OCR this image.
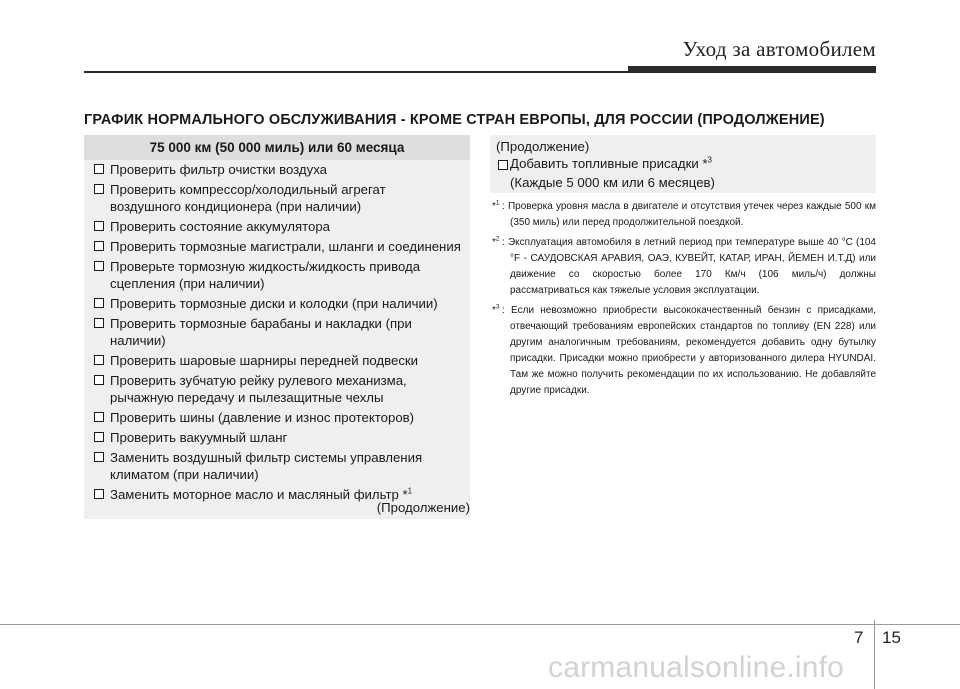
Уход за автомобилем
ГРАФИК НОРМАЛЬНОГО ОБСЛУЖИВАНИЯ - КРОМЕ СТРАН ЕВРОПЫ, ДЛЯ РОССИИ (ПРОДОЛЖЕНИЕ)
75 000 км (50 000 миль) или 60 месяца
Проверить фильтр очистки воздуха
Проверить компрессор/холодильный агрегат
воздушного кондиционера (при наличии)
Проверить состояние аккумулятора
Проверить тормозные магистрали, шланги и соединения
Проверьте тормозную жидкость/жидкость привода
сцепления (при наличии)
Проверить тормозные диски и колодки (при наличии)
Проверить тормозные барабаны и накладки (при наличии)
Проверить шаровые шарниры передней подвески
Проверить зубчатую рейку рулевого механизма,
рычажную передачу и пылезащитные чехлы
Проверить шины (давление и износ протекторов)
Проверить вакуумный шланг
Заменить воздушный фильтр системы управления
климатом (при наличии)
Заменить моторное масло и масляный фильтр *$^1$
(Продолжение)
(Продолжение)
Добавить топливные присадки *$^3$
(Каждые 5 000 км или 6 месяцев)
*$^1$ : Проверка уровня масла в двигателе и отсутствия утечек через каждые 500 км (350 миль) или перед продолжительной поездкой.
*$^2$ : Эксплуатация автомобиля в летний период при температуре выше 40 °C (104 °F - САУДОВСКАЯ АРАВИЯ, ОАЭ, КУВЕЙТ, КАТАР, ИРАН, ЙЕМЕН И.Т.Д) или движение со скоростью более 170 Км/ч (106 миль/ч) должны рассматриваться как тяжелые условия эксплуатации.
*$^3$ : Если невозможно приобрести высококачественный бензин с присадками, отвечающий требованиям европейских стандартов по топливу (EN 228) или другим аналогичным требованиям, рекомендуется добавить одну бутылку присадки. Присадки можно приобрести у авторизованного дилера HYUNDAI. Там же можно получить рекомендации по их использованию. Не добавляйте другие присадки.
7 15
carmanualsonline.info
